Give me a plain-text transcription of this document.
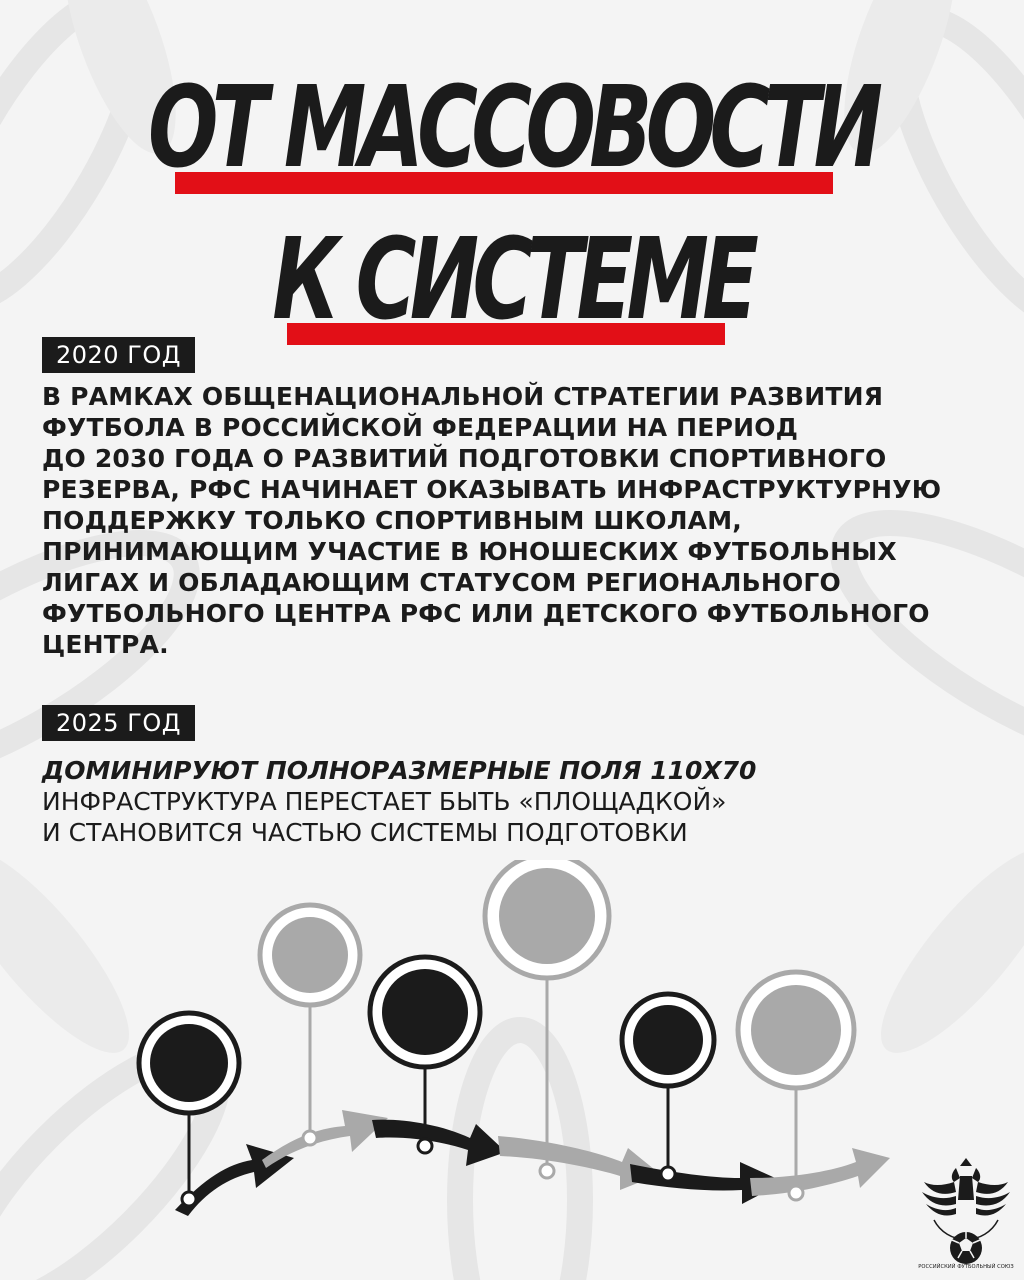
ОТ МАССОВОСТИ
К СИСТЕМЕ
2020 ГОД
В РАМКАХ ОБЩЕНАЦИОНАЛЬНОЙ СТРАТЕГИИ РАЗВИТИЯ
ФУТБОЛА В РОССИЙСКОЙ ФЕДЕРАЦИИ НА ПЕРИОД
ДО 2030 ГОДА О РАЗВИТИЙ ПОДГОТОВКИ СПОРТИВНОГО
РЕЗЕРВА, РФС НАЧИНАЕТ ОКАЗЫВАТЬ ИНФРАСТРУКТУРНУЮ
ПОДДЕРЖКУ ТОЛЬКО СПОРТИВНЫМ ШКОЛАМ,
ПРИНИМАЮЩИМ УЧАСТИЕ В ЮНОШЕСКИХ ФУТБОЛЬНЫХ
ЛИГАХ И ОБЛАДАЮЩИМ СТАТУСОМ РЕГИОНАЛЬНОГО
ФУТБОЛЬНОГО ЦЕНТРА РФС ИЛИ ДЕТСКОГО ФУТБОЛЬНОГО
ЦЕНТРА.
2025 ГОД
ДОМИНИРУЮТ ПОЛНОРАЗМЕРНЫЕ ПОЛЯ 110Х70
ИНФРАСТРУКТУРА ПЕРЕСТАЕТ БЫТЬ «ПЛОЩАДКОЙ»
И СТАНОВИТСЯ ЧАСТЬЮ СИСТЕМЫ ПОДГОТОВКИ
РОССИЙСКИЙ ФУТБОЛЬНЫЙ СОЮЗ
